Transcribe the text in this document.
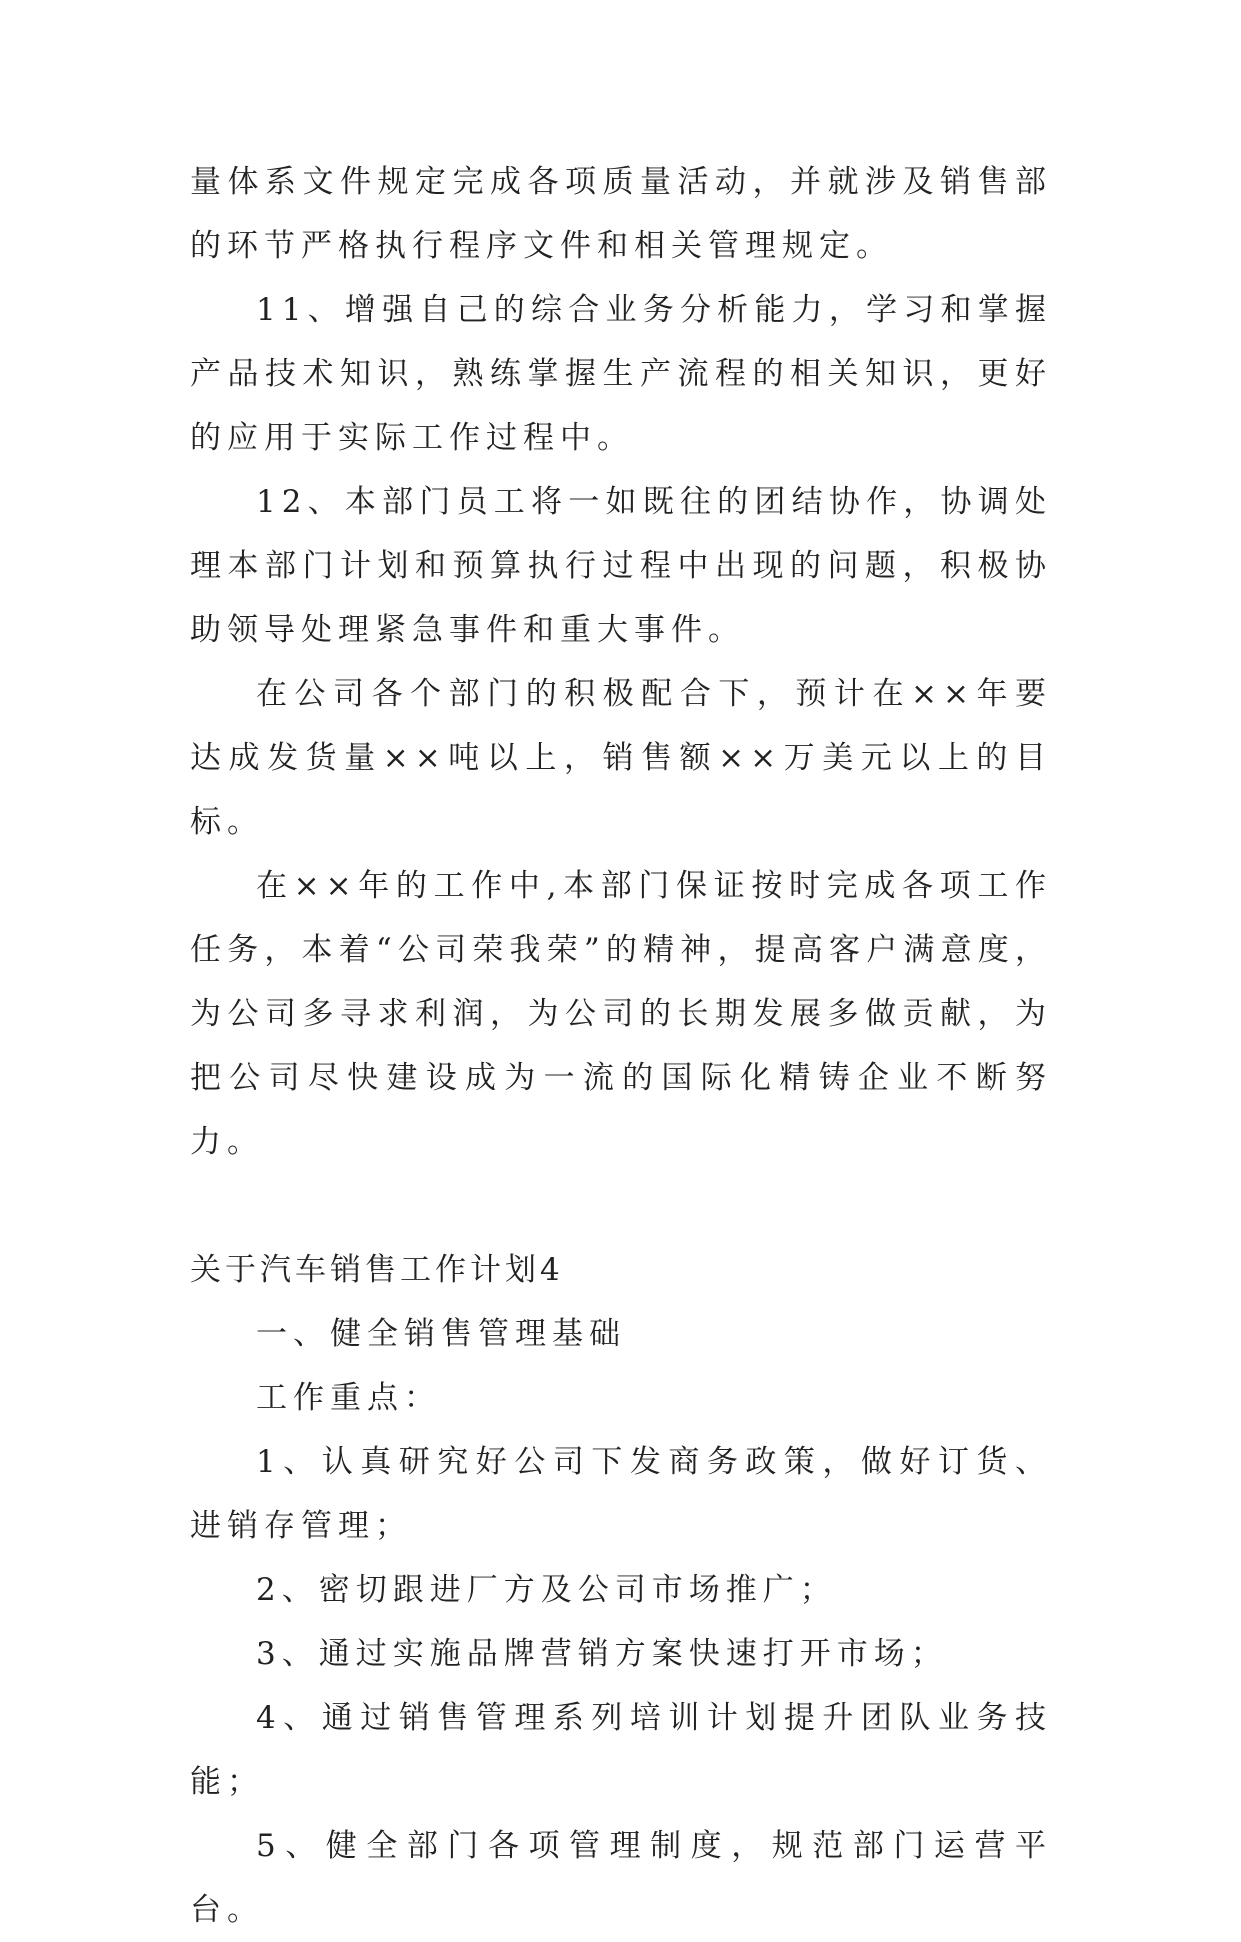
量体系文件规定完成各项质量活动，并就涉及销售部的环节严格执行程序文件和相关管理规定。

11、增强自己的综合业务分析能力，学习和掌握产品技术知识，熟练掌握生产流程的相关知识，更好的应用于实际工作过程中。

12、本部门员工将一如既往的团结协作，协调处理本部门计划和预算执行过程中出现的问题，积极协助领导处理紧急事件和重大事件。

在公司各个部门的积极配合下，预计在××年要达成发货量××吨以上，销售额××万美元以上的目标。

在××年的工作中,本部门保证按时完成各项工作任务，本着“公司荣我荣”的精神，提高客户满意度，为公司多寻求利润，为公司的长期发展多做贡献，为把公司尽快建设成为一流的国际化精铸企业不断努力。

关于汽车销售工作计划4

一、健全销售管理基础

工作重点：

1、认真研究好公司下发商务政策，做好订货、进销存管理；

2、密切跟进厂方及公司市场推广；

3、通过实施品牌营销方案快速打开市场；

4、通过销售管理系列培训计划提升团队业务技能；

5、健全部门各项管理制度，规范部门运营平台。
